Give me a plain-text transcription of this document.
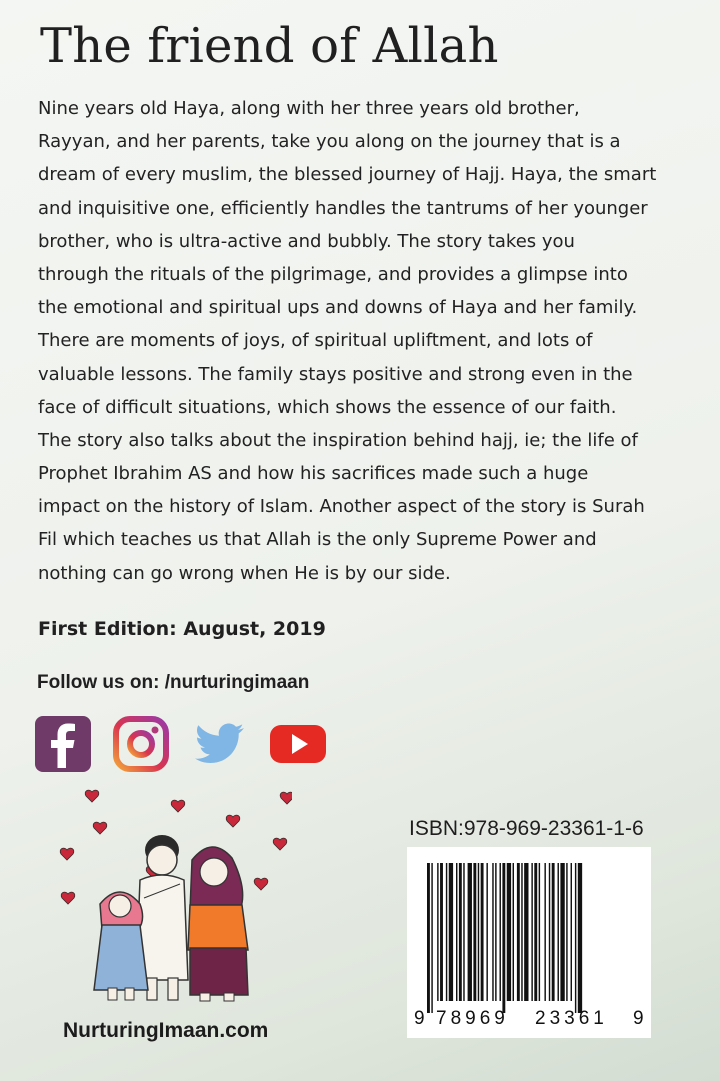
The friend of Allah
Nine years old Haya, along with her three years old brother,
Rayyan, and her parents, take you along on the journey that is a
dream of every muslim, the blessed journey of Hajj. Haya, the smart
and inquisitive one, efficiently handles the tantrums of her younger
brother, who is ultra-active and bubbly. The story takes you
through the rituals of the pilgrimage, and provides a glimpse into
the emotional and spiritual ups and downs of Haya and her family.
There are moments of joys, of spiritual upliftment, and lots of
valuable lessons. The family stays positive and strong even in the
face of difficult situations, which shows the essence of our faith.
The story also talks about the inspiration behind hajj, ie; the life of
Prophet Ibrahim AS and how his sacrifices made such a huge
impact on the history of Islam. Another aspect of the story is Surah
Fil which teaches us that Allah is the only Supreme Power and
nothing can go wrong when He is by our side.
First Edition: August, 2019
Follow us on: /nurturingimaan
ISBN:978-969-23361-1-6
9 78969 23361 9
NurturingImaan.com
